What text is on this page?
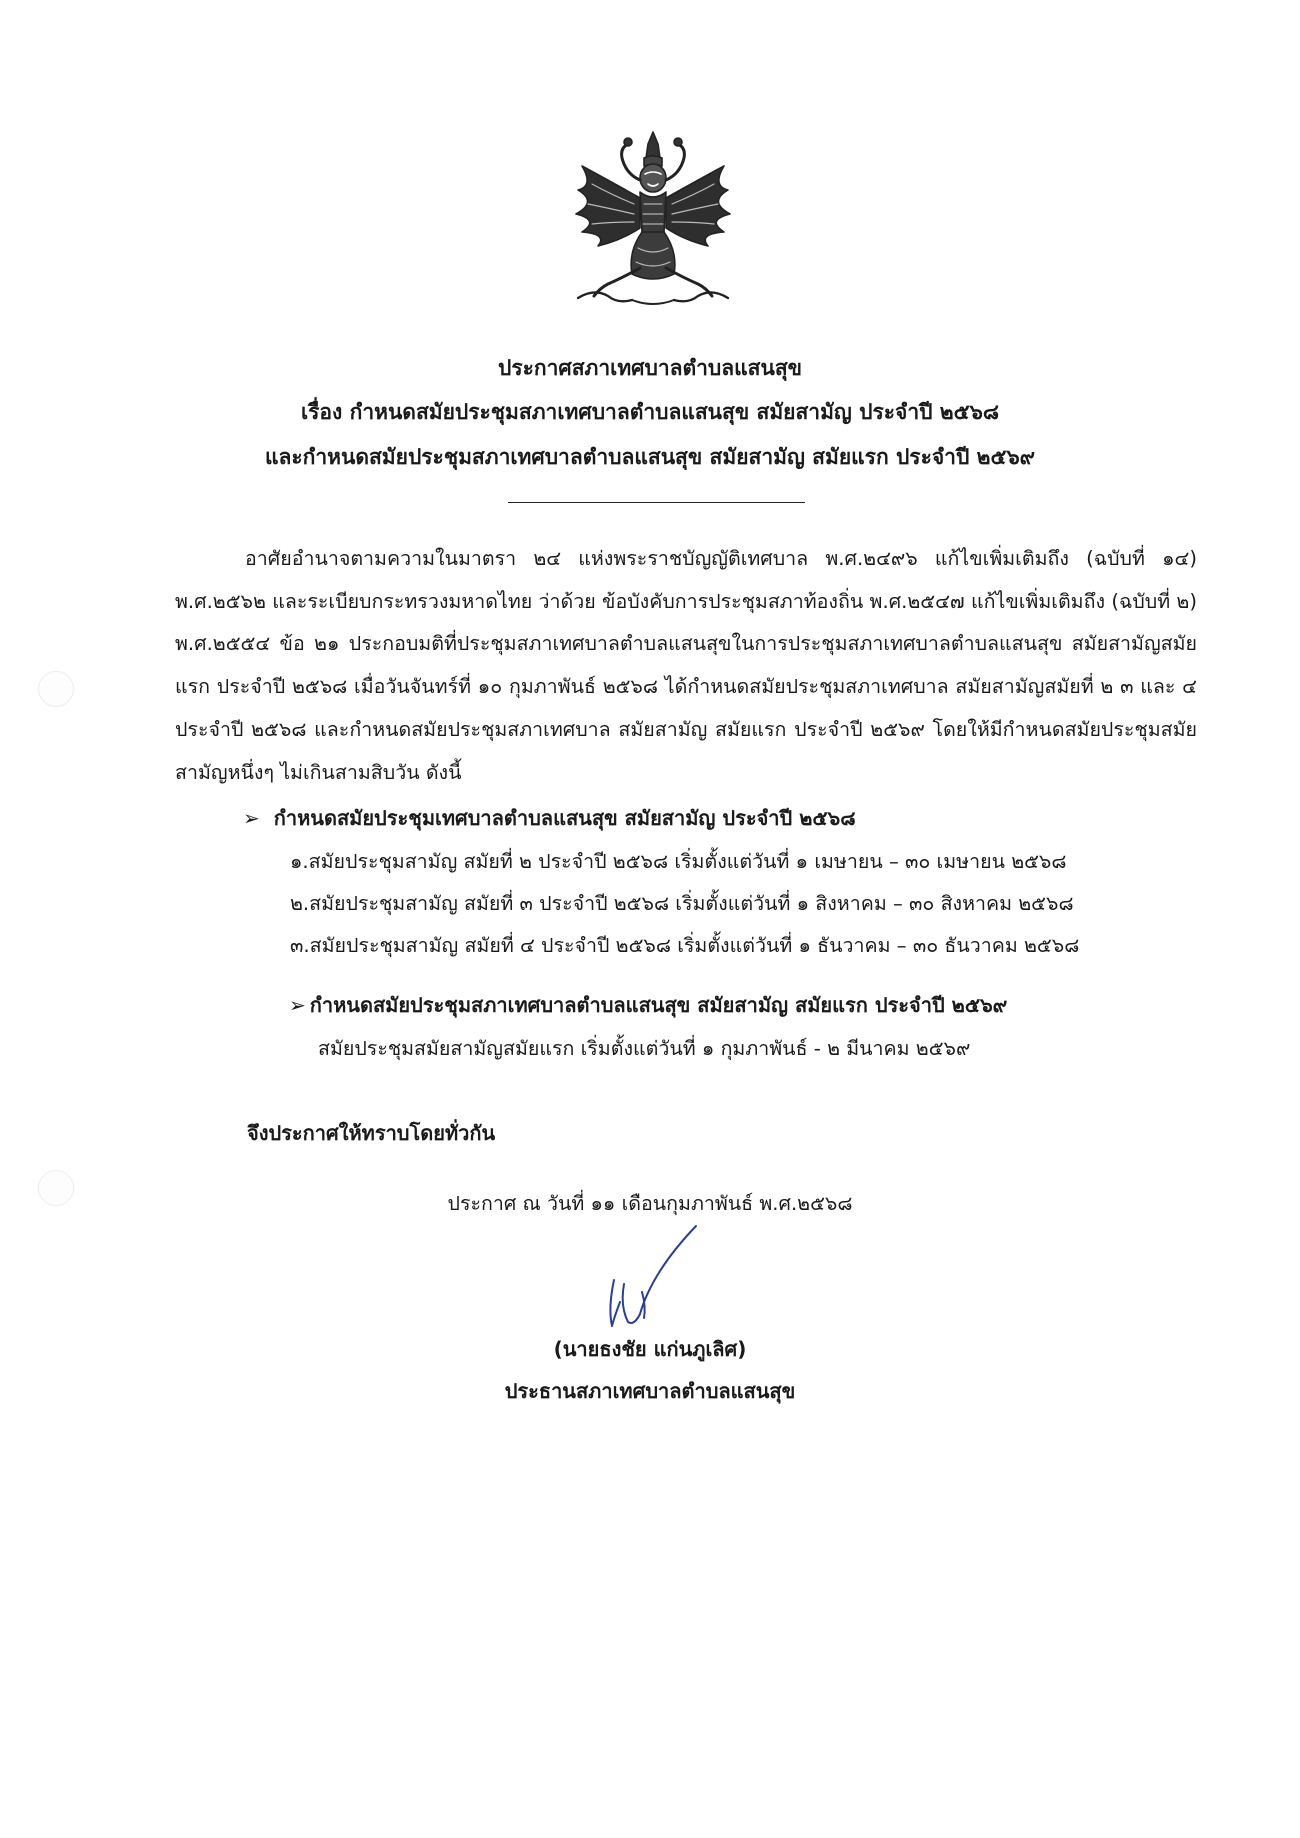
ประกาศสภาเทศบาลตำบลแสนสุข
เรื่อง กำหนดสมัยประชุมสภาเทศบาลตำบลแสนสุข สมัยสามัญ ประจำปี ๒๕๖๘
และกำหนดสมัยประชุมสภาเทศบาลตำบลแสนสุข สมัยสามัญ สมัยแรก ประจำปี ๒๕๖๙

อาศัยอำนาจตามความในมาตรา ๒๔ แห่งพระราชบัญญัติเทศบาล พ.ศ.๒๔๙๖ แก้ไขเพิ่มเติมถึง (ฉบับที่ ๑๔) พ.ศ.๒๕๖๒ และระเบียบกระทรวงมหาดไทย ว่าด้วย ข้อบังคับการประชุมสภาท้องถิ่น พ.ศ.๒๕๔๗ แก้ไขเพิ่มเติมถึง (ฉบับที่ ๒) พ.ศ.๒๕๕๔ ข้อ ๒๑ ประกอบมติที่ประชุมสภาเทศบาลตำบลแสนสุขในการประชุมสภาเทศบาลตำบลแสนสุข สมัยสามัญสมัยแรก ประจำปี ๒๕๖๘ เมื่อวันจันทร์ที่ ๑๐ กุมภาพันธ์ ๒๕๖๘ ได้กำหนดสมัยประชุมสภาเทศบาล สมัยสามัญสมัยที่ ๒ ๓ และ ๔ ประจำปี ๒๕๖๘ และกำหนดสมัยประชุมสภาเทศบาล สมัยสามัญ สมัยแรก ประจำปี ๒๕๖๙ โดยให้มีกำหนดสมัยประชุมสมัยสามัญหนึ่งๆ ไม่เกินสามสิบวัน ดังนี้

➢ กำหนดสมัยประชุมเทศบาลตำบลแสนสุข สมัยสามัญ ประจำปี ๒๕๖๘
๑.สมัยประชุมสามัญ สมัยที่ ๒ ประจำปี ๒๕๖๘ เริ่มตั้งแต่วันที่ ๑ เมษายน – ๓๐ เมษายน ๒๕๖๘
๒.สมัยประชุมสามัญ สมัยที่ ๓ ประจำปี ๒๕๖๘ เริ่มตั้งแต่วันที่ ๑ สิงหาคม – ๓๐ สิงหาคม ๒๕๖๘
๓.สมัยประชุมสามัญ สมัยที่ ๔ ประจำปี ๒๕๖๘ เริ่มตั้งแต่วันที่ ๑ ธันวาคม – ๓๐ ธันวาคม ๒๕๖๘
➢ กำหนดสมัยประชุมสภาเทศบาลตำบลแสนสุข สมัยสามัญ สมัยแรก ประจำปี ๒๕๖๙
สมัยประชุมสมัยสามัญสมัยแรก เริ่มตั้งแต่วันที่ ๑ กุมภาพันธ์ - ๒ มีนาคม ๒๕๖๙
จึงประกาศให้ทราบโดยทั่วกัน
ประกาศ ณ วันที่ ๑๑ เดือนกุมภาพันธ์ พ.ศ.๒๕๖๘
(นายธงชัย แก่นภูเลิศ)
ประธานสภาเทศบาลตำบลแสนสุข
